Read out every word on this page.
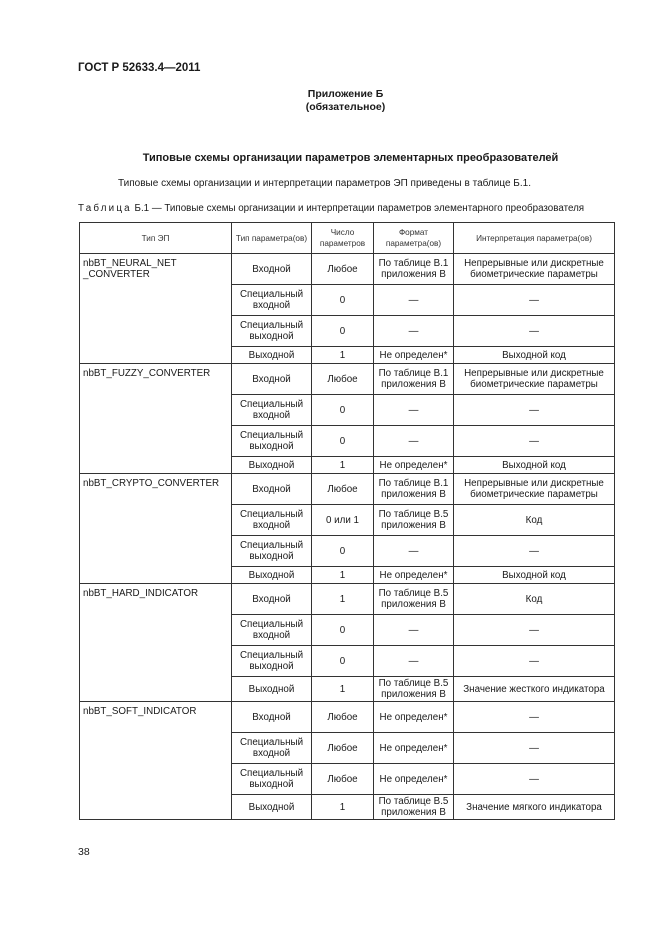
ГОСТ Р 52633.4—2011
Приложение Б
(обязательное)
Типовые схемы организации параметров элементарных преобразователей
Типовые схемы организации и интерпретации параметров ЭП приведены в таблице Б.1.
Таблица Б.1 — Типовые схемы организации и интерпретации параметров элементарного преобразователя
Тип ЭП	Тип параметра(ов)	Число параметров	Формат параметра(ов)	Интерпретация параметра(ов)
nbBT_NEURAL_NET _CONVERTER	Входной	Любое	По таблице В.1 приложения В	Непрерывные или дискретные биометрические параметры
	Специальный входной	0	—	—
	Специальный выходной	0	—	—
	Выходной	1	Не определен*	Выходной код
nbBT_FUZZY_CONVERTER	Входной	Любое	По таблице В.1 приложения В	Непрерывные или дискретные биометрические параметры
	Специальный входной	0	—	—
	Специальный выходной	0	—	—
	Выходной	1	Не определен*	Выходной код
nbBT_CRYPTO_CONVERTER	Входной	Любое	По таблице В.1 приложения В	Непрерывные или дискретные биометрические параметры
	Специальный входной	0 или 1	По таблице В.5 приложения В	Код
	Специальный выходной	0	—	—
	Выходной	1	Не определен*	Выходной код
nbBT_HARD_INDICATOR	Входной	1	По таблице В.5 приложения В	Код
	Специальный входной	0	—	—
	Специальный выходной	0	—	—
	Выходной	1	По таблице В.5 приложения В	Значение жесткого индикатора
nbBT_SOFT_INDICATOR	Входной	Любое	Не определен*	—
	Специальный входной	Любое	Не определен*	—
	Специальный выходной	Любое	Не определен*	—
	Выходной	1	По таблице В.5 приложения В	Значение мягкого индикатора
38
